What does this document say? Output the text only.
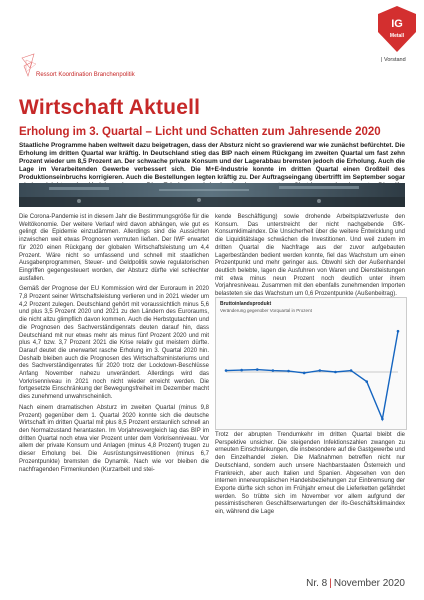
IG
Metall
| Vorstand
Ressort Koordination Branchenpolitik
Wirtschaft Aktuell
Erholung im 3. Quartal – Licht und Schatten zum Jahresende 2020
Staatliche Programme haben weltweit dazu beigetragen, dass der Absturz nicht so gravierend war wie zunächst befürchtet. Die Erholung im dritten Quartal war kräftig. In Deutschland stieg das BIP nach einem Rückgang im zweiten Quartal um fast zehn Prozent wieder um 8,5 Prozent an. Der schwache private Konsum und der Lagerabbau bremsten jedoch die Erholung. Auch die Lage im Verarbeitenden Gewerbe verbessert sich. Die M+E-Industrie konnte im dritten Quartal einen Großteil des Produktionseinbruchs korrigieren. Auch die Bestellungen legten kräftig zu. Der Auftragseingang übertrifft im September sogar

Die Corona-Pandemie ist in diesem Jahr die Bestimmungsgröße für die Weltökonomie. Der weitere Verlauf wird davon abhängen, wie gut es gelingt die Epidemie einzudämmen. Allerdings sind die Aussichten inzwischen weit etwas Prognosen vermuten ließen. Der IWF erwartet für 2020 einen Rückgang der globalen Wirtschaftsleistung um 4,4 Prozent. Wäre nicht so umfassend und schnell mit staatlichen Ausgabenprogrammen, Steuer- und Geldpolitik sowie regulatorischen Eingriffen gegengesteuert worden, der Absturz dürfte viel schlechter ausfallen.

Gemäß der Prognose der EU Kommission wird der Euroraum in 2020 7,8 Prozent seiner Wirtschaftsleistung verlieren und in 2021 wieder um 4,2 Prozent zulegen. Deutschland gehört mit voraussichtlich minus 5,6 und plus 3,5 Prozent 2020 und 2021 zu den Ländern des Euroraums, die nicht allzu glimpflich davon kommen. Auch die Herbstgutachten und die Prognosen des Sachverständigenrats deuten darauf hin, dass Deutschland mit nur etwas mehr als minus fünf Prozent 2020 und mit plus 4,7 bzw. 3,7 Prozent 2021 die Krise relativ gut meistern dürfte. Darauf deutet die unerwartet rasche Erholung im 3. Quartal 2020 hin. Deshalb bleiben auch die Prognosen des Wirtschaftsministeriums und des Sachverständigenrates für 2020 trotz der Lockdown-Beschlüsse Anfang November nahezu unverändert. Allerdings wird das Vorkrisenniveau in 2021 noch nicht wieder erreicht werden. Die fortgesetzte Einschränkung der Bewegungsfreiheit im Dezember macht dies zunehmend unwahrscheinlich.

Nach einem dramatischen Absturz im zweiten Quartal (minus 9,8 Prozent) gegenüber dem 1. Quartal 2020 konnte sich die deutsche Wirtschaft im dritten Quartal mit plus 8,5 Prozent erstaunlich schnell an den Normalzustand herantasten. Im Vorjahresvergleich lag das BIP im dritten Quartal noch etwa vier Prozent unter dem Vorkrisenniveau. Vor allem der private Konsum und Anlagen (minus 4,8 Prozent) trugen zu dieser Erholung bei. Die Ausrüstungsinvestitionen (minus 6,7 Prozentpunkte) bremsten die Dynamik. Nach wie vor bleiben die nachfragenden Firmenkunden (Kurzarbeit und stei-

kende Beschäftigung) sowie drohende Arbeitsplatzverluste den Konsum. Das unterstreicht der nicht nachgebende GfK-Konsumklimaindex. Die Unsicherheit über die weitere Entwicklung und die Liquiditätslage schwächen die Investitionen. Und weil zudem im dritten Quartal die Nachfrage aus der zuvor aufgebauten Lagerbeständen bedient werden konnte, fiel das Wachstum um einen Prozentpunkt und mehr geringer aus. Obwohl sich der Außenhandel deutlich belebte, lagen die Ausfuhren von Waren und Dienstleistungen mit etwa minus neun Prozent noch deutlich unter ihrem Vorjahresniveau. Zusammen mit den ebenfalls zunehmenden Importen belasteten sie das Wachstum um 0,6 Prozentpunkte (Außenbeitrag).

Bruttoinlandsprodukt
Veränderung gegenüber Vorquartal in Prozent

Trotz der abrupten Trendumkehr im dritten Quartal bleibt die Perspektive unsicher. Die steigenden Infektionszahlen zwangen zu erneuten Einschränkungen, die insbesondere auf die Gastgewerbe und den Einzelhandel zielen. Die Maßnahmen betreffen nicht nur Deutschland, sondern auch unsere Nachbarstaaten Österreich und Frankreich, aber auch Italien und Spanien. Abgesehen von den internen innereuropäischen Handelsbeziehungen zur Einbremsung der Exporte dürfte sich schon im Frühjahr erneut die Lieferketten gefährdet werden. So trübte sich im November vor allem aufgrund der pessimistischeren Geschäftserwartungen der ifo-Geschäftsklimaindex ein, während die Lage

Nr. 8 | November 2020
